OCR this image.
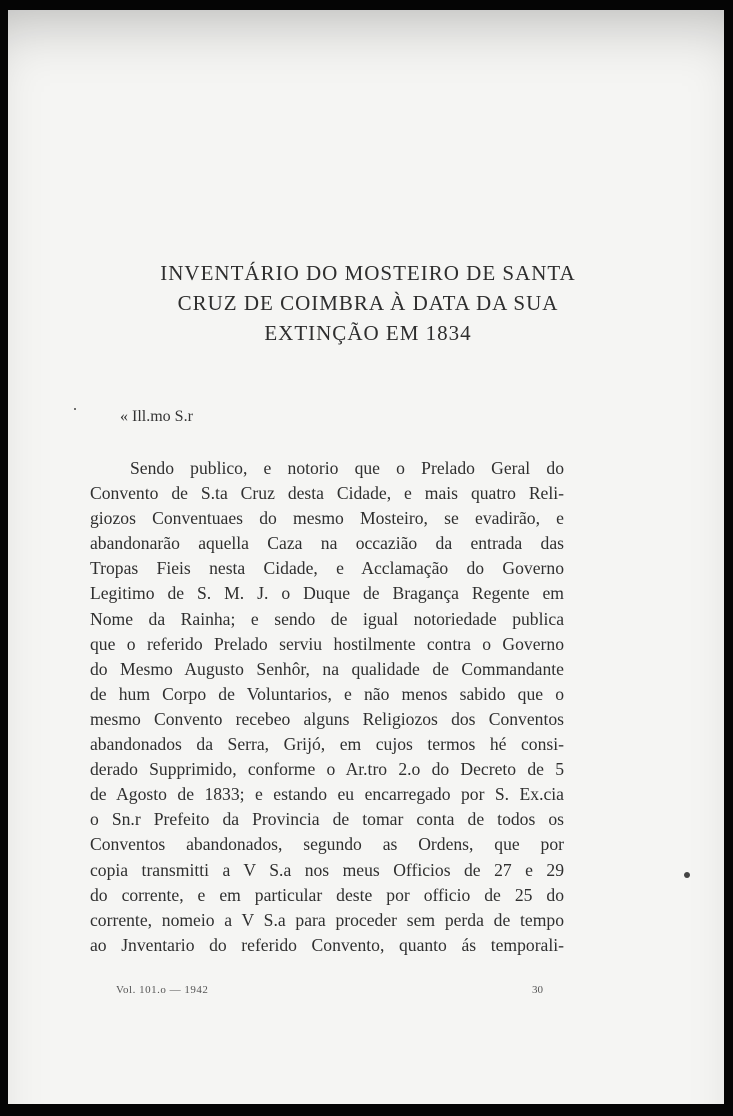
INVENTÁRIO DO MOSTEIRO DE SANTA
CRUZ DE COIMBRA À DATA DA SUA
EXTINÇÃO EM 1834
« Ill.mo S.r
Sendo publico, e notorio que o Prelado Geral do
Convento de S.ta Cruz desta Cidade, e mais quatro Reli-
giozos Conventuaes do mesmo Mosteiro, se evadirão, e
abandonarão aquella Caza na occazião da entrada das
Tropas Fieis nesta Cidade, e Acclamação do Governo
Legitimo de S. M. J. o Duque de Bragança Regente em
Nome da Rainha; e sendo de igual notoriedade publica
que o referido Prelado serviu hostilmente contra o Governo
do Mesmo Augusto Senhôr, na qualidade de Commandante
de hum Corpo de Voluntarios, e não menos sabido que o
mesmo Convento recebeo alguns Religiozos dos Conventos
abandonados da Serra, Grijó, em cujos termos hé consi-
derado Supprimido, conforme o Ar.tro 2.o do Decreto de 5
de Agosto de 1833; e estando eu encarregado por S. Ex.cia
o Sn.r Prefeito da Provincia de tomar conta de todos os
Conventos abandonados, segundo as Ordens, que por
copia transmitti a V S.a nos meus Officios de 27 e 29
do corrente, e em particular deste por officio de 25 do
corrente, nomeio a V S.a para proceder sem perda de tempo
ao Jnventario do referido Convento, quanto ás temporali-
Vol. 101.o — 1942	30
